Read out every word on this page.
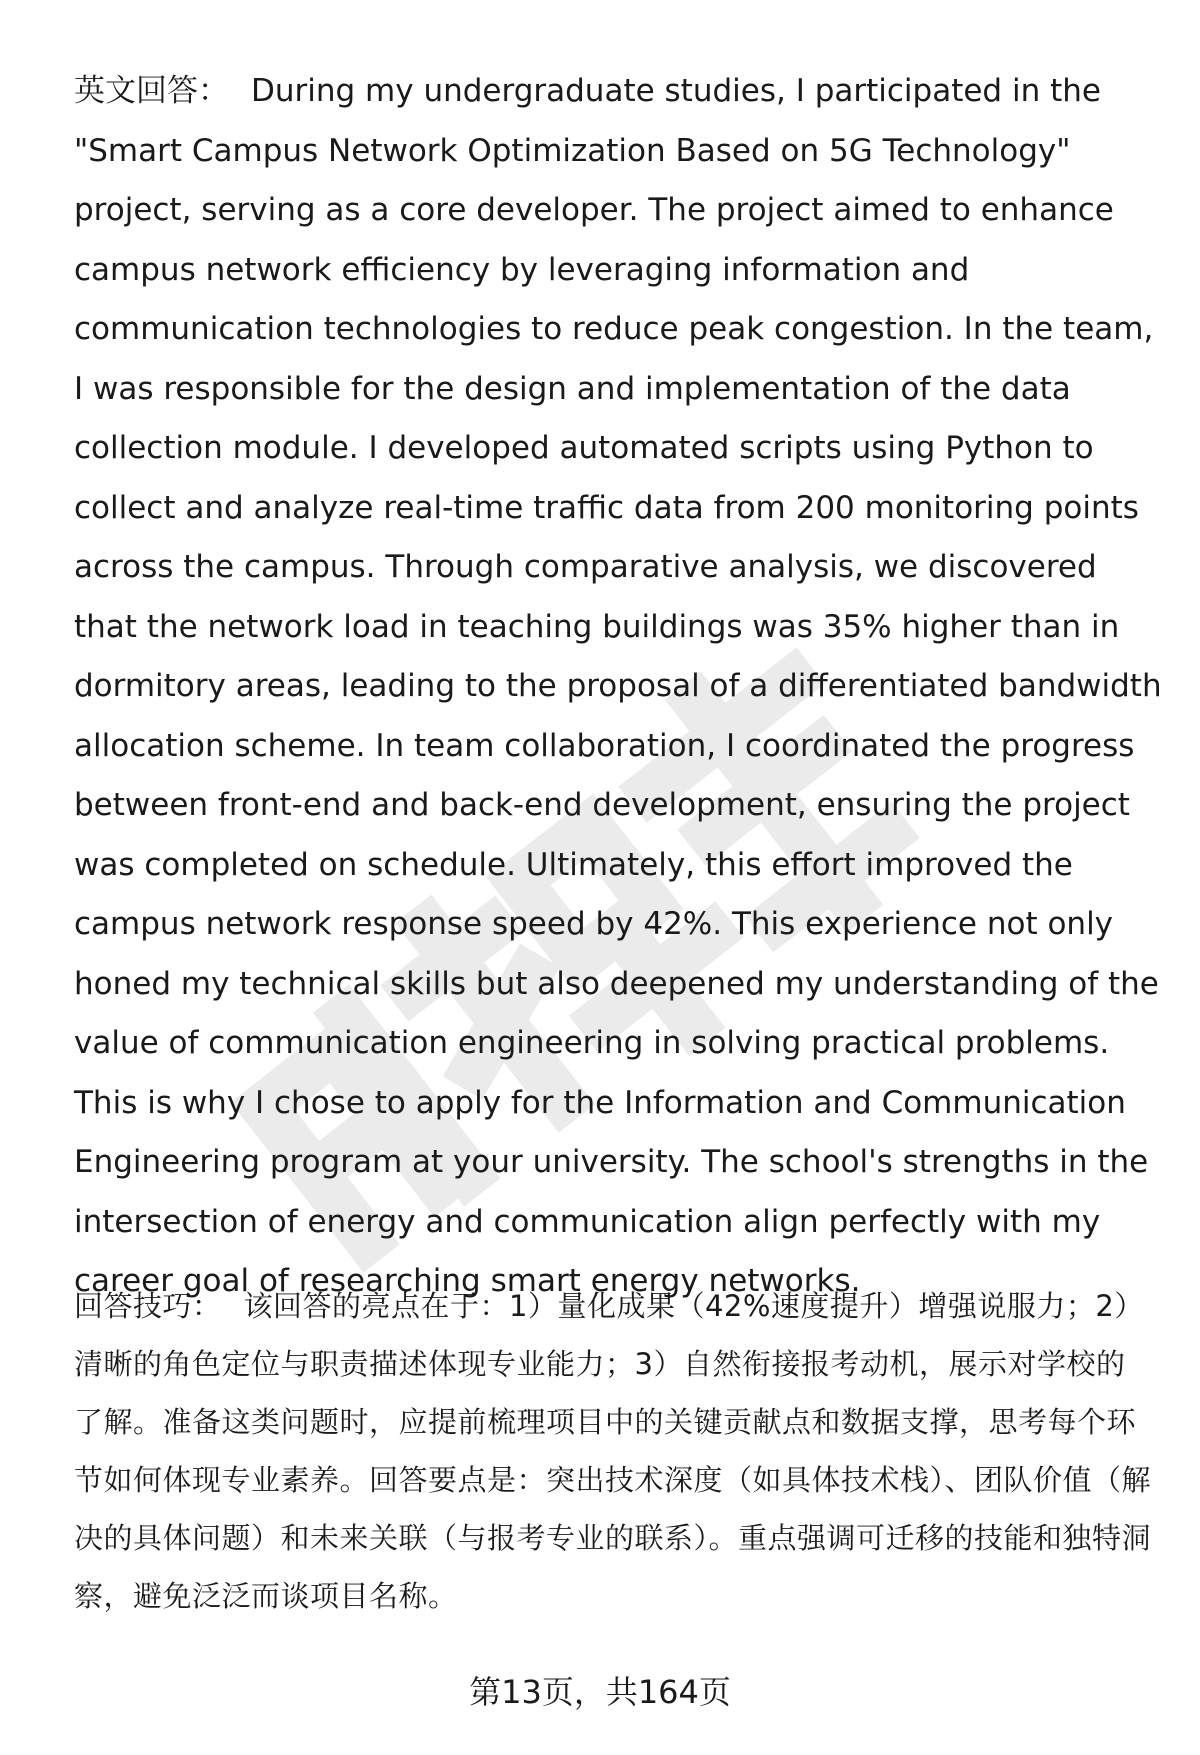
英文回答： During my undergraduate studies, I participated in the "Smart Campus Network Optimization Based on 5G Technology" project, serving as a core developer. The project aimed to enhance campus network efficiency by leveraging information and communication technologies to reduce peak congestion. In the team, I was responsible for the design and implementation of the data collection module. I developed automated scripts using Python to collect and analyze real-time traffic data from 200 monitoring points across the campus. Through comparative analysis, we discovered that the network load in teaching buildings was 35% higher than in dormitory areas, leading to the proposal of a differentiated bandwidth allocation scheme. In team collaboration, I coordinated the progress between front-end and back-end development, ensuring the project was completed on schedule. Ultimately, this effort improved the campus network response speed by 42%. This experience not only honed my technical skills but also deepened my understanding of the value of communication engineering in solving practical problems. This is why I chose to apply for the Information and Communication Engineering program at your university. The school's strengths in the intersection of energy and communication align perfectly with my career goal of researching smart energy networks.
回答技巧： 该回答的亮点在于：1）量化成果（42%速度提升）增强说服力；2）清晰的角色定位与职责描述体现专业能力；3）自然衔接报考动机，展示对学校的了解。准备这类问题时，应提前梳理项目中的关键贡献点和数据支撑，思考每个环节如何体现专业素养。回答要点是：突出技术深度（如具体技术栈）、团队价值（解决的具体问题）和未来关联（与报考专业的联系）。重点强调可迁移的技能和独特洞察，避免泛泛而谈项目名称。
第13页，共164页
